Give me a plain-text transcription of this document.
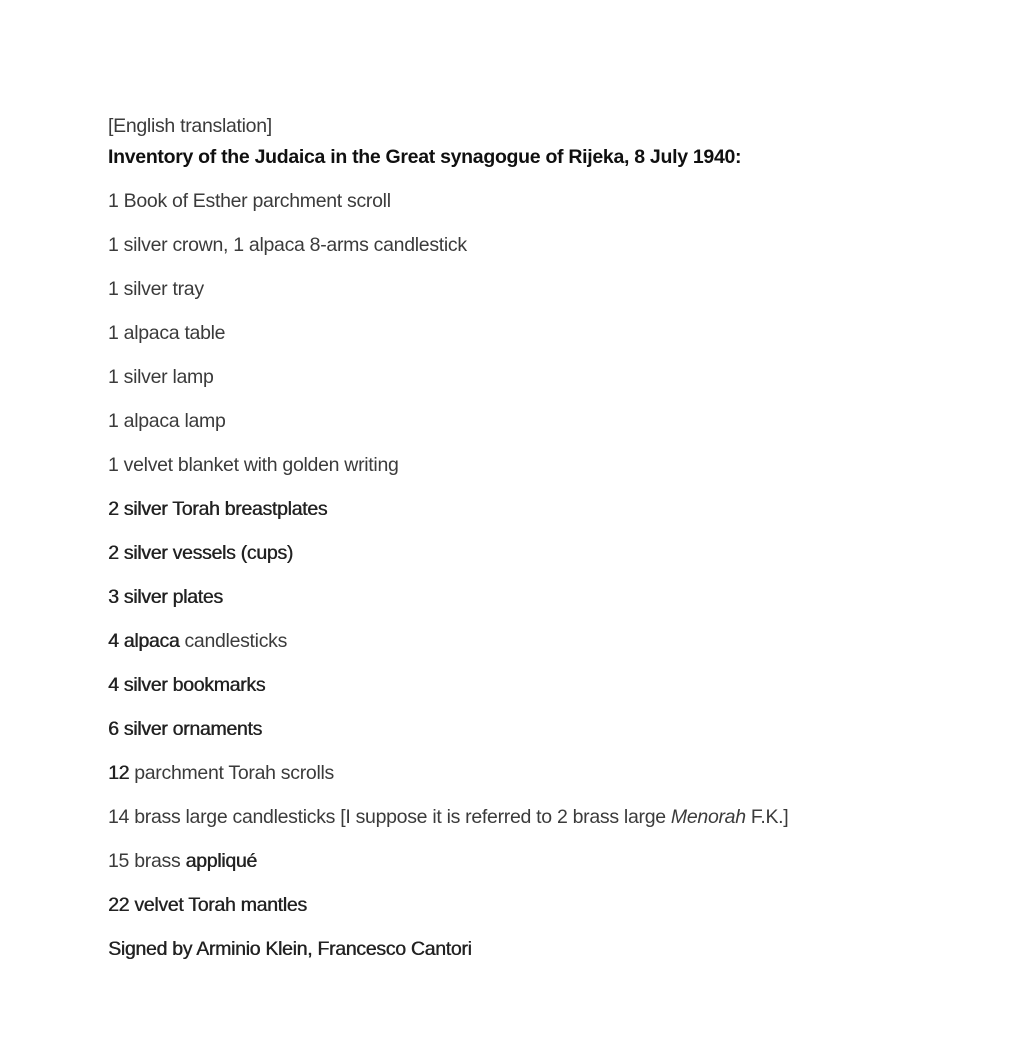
[English translation]

Inventory of the Judaica in the Great synagogue of Rijeka, 8 July 1940:

1 Book of Esther parchment scroll

1 silver crown, 1 alpaca 8-arms candlestick

1 silver tray

1 alpaca table

1 silver lamp

1 alpaca lamp

1 velvet blanket with golden writing

2 silver Torah breastplates

2 silver vessels (cups)

3 silver plates

4 alpaca candlesticks

4 silver bookmarks

6 silver ornaments

12 parchment Torah scrolls

14 brass large candlesticks [I suppose it is referred to 2 brass large Menorah F.K.]

15 brass appliqué

22 velvet Torah mantles

Signed by Arminio Klein, Francesco Cantori
